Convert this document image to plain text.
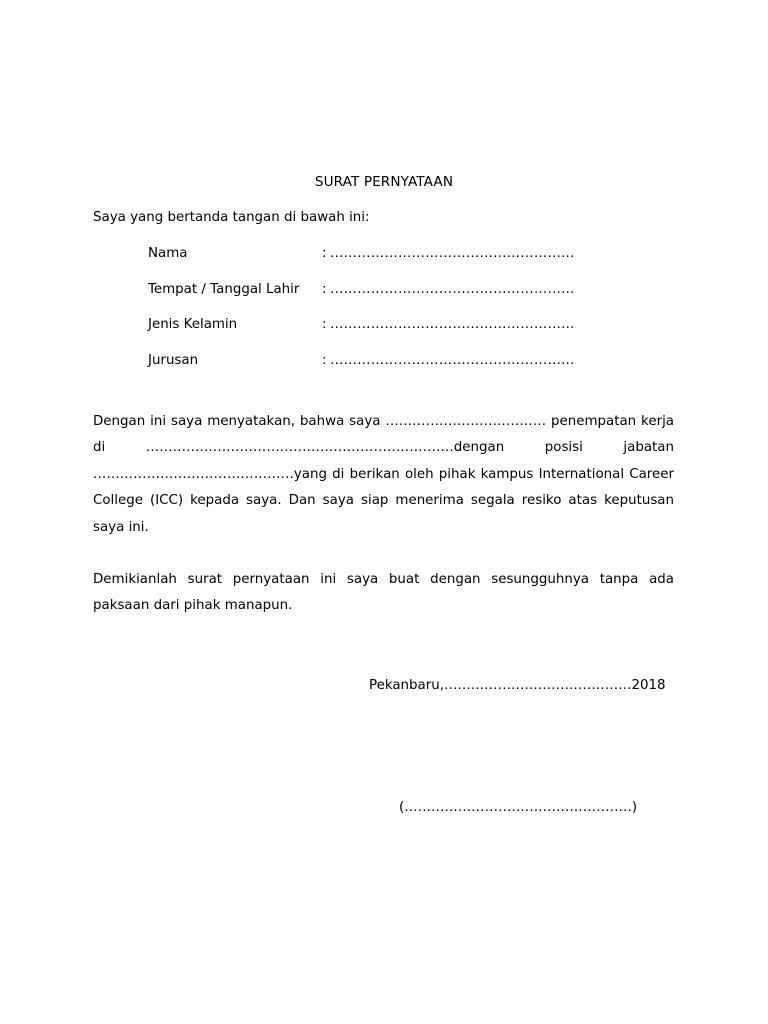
SURAT PERNYATAAN
Saya yang bertanda tangan di bawah ini:
Nama	: ………………………………………………
Tempat / Tanggal Lahir	: ………………………………………………
Jenis Kelamin	: ………………………………………………
Jurusan	: ………………………………………………
Dengan ini saya menyatakan, bahwa saya ……………………………… penempatan kerja
di	……………………………………………………………dengan	posisi	jabatan
………………………………………yang di berikan oleh pihak kampus International Career
College (ICC) kepada saya. Dan saya siap menerima segala resiko atas keputusan
saya ini.
Demikianlah surat pernyataan ini saya buat dengan sesungguhnya tanpa ada
paksaan dari pihak manapun.
Pekanbaru,……………………………………2018
(……………………………………………)
